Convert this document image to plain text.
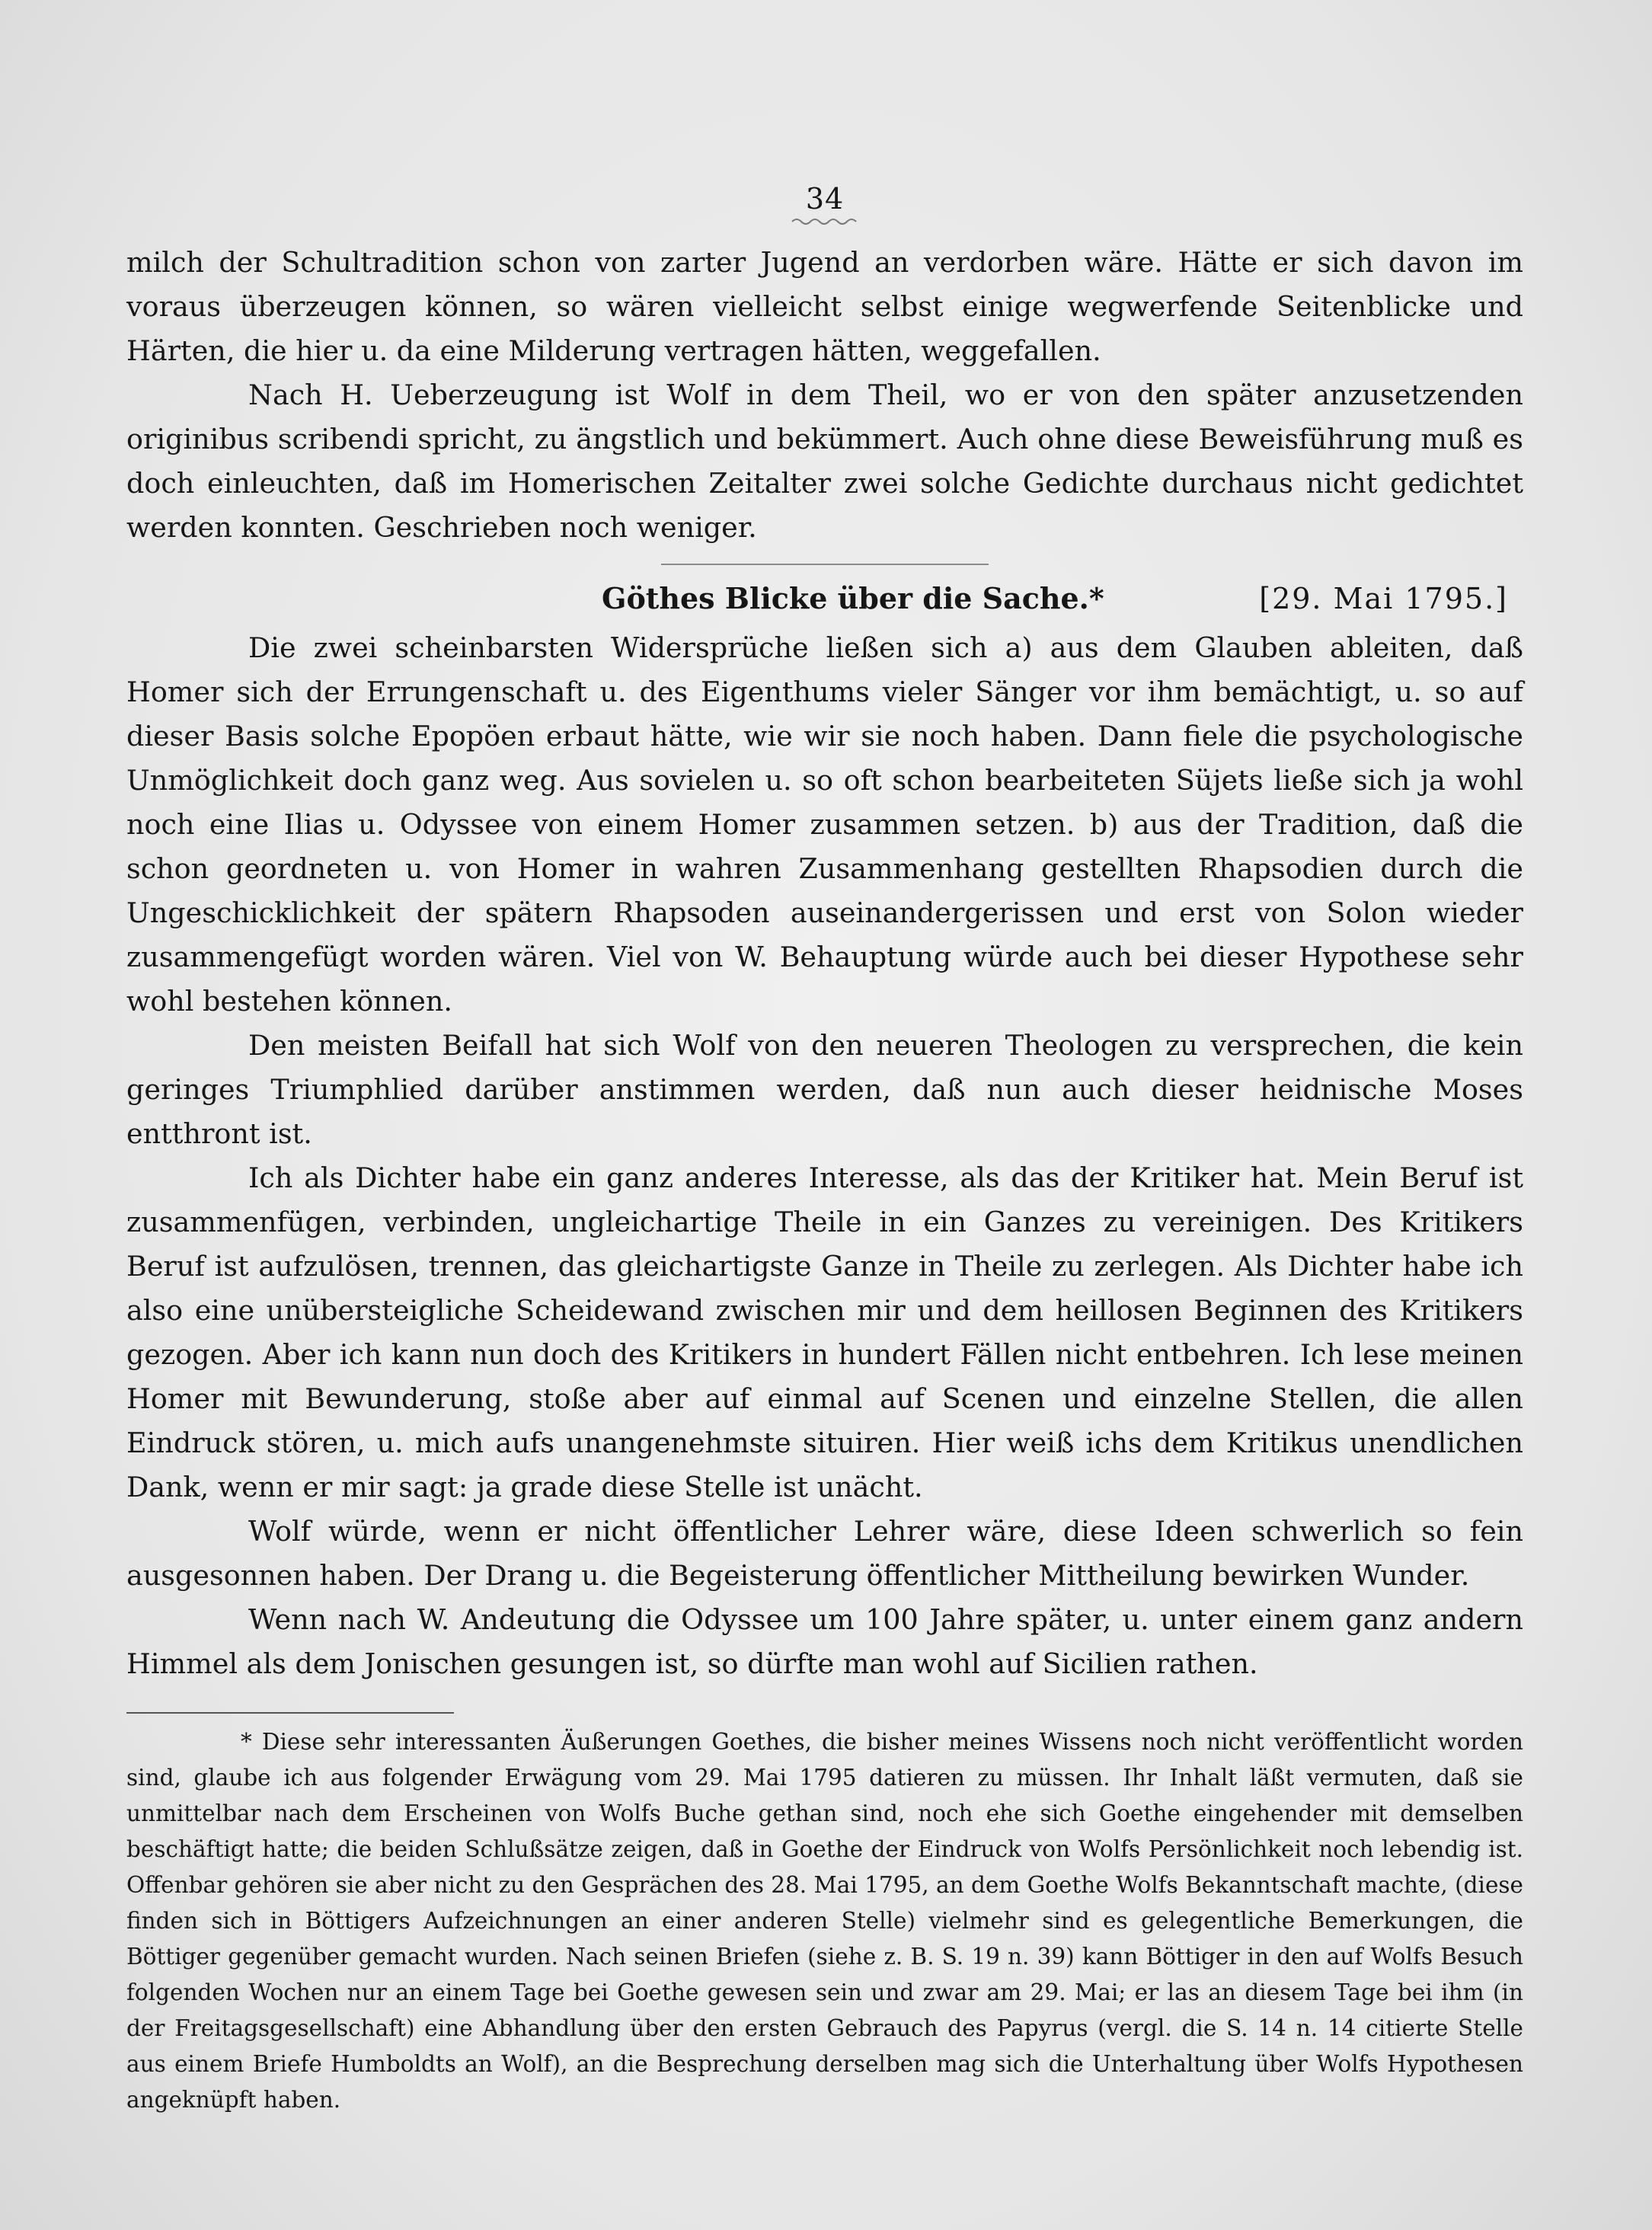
34

milch der Schultradition schon von zarter Jugend an verdorben wäre. Hätte er sich davon im voraus überzeugen können, so wären vielleicht selbst einige wegwerfende Seitenblicke und Härten, die hier u. da eine Milderung vertragen hätten, weggefallen.

Nach H. Ueberzeugung ist Wolf in dem Theil, wo er von den später anzusetzenden originibus scribendi spricht, zu ängstlich und bekümmert. Auch ohne diese Beweisführung muß es doch einleuchten, daß im Homerischen Zeitalter zwei solche Gedichte durchaus nicht gedichtet werden konnten. Geschrieben noch weniger.

Göthes Blicke über die Sache.*	[29. Mai 1795.]

Die zwei scheinbarsten Widersprüche ließen sich a) aus dem Glauben ableiten, daß Homer sich der Errungenschaft u. des Eigenthums vieler Sänger vor ihm bemächtigt, u. so auf dieser Basis solche Epopöen erbaut hätte, wie wir sie noch haben. Dann fiele die psychologische Unmöglichkeit doch ganz weg. Aus sovielen u. so oft schon bearbeiteten Süjets ließe sich ja wohl noch eine Ilias u. Odyssee von einem Homer zusammen setzen. b) aus der Tradition, daß die schon geordneten u. von Homer in wahren Zusammenhang gestellten Rhapsodien durch die Ungeschicklichkeit der spätern Rhapsoden auseinandergerissen und erst von Solon wieder zusammengefügt worden wären. Viel von W. Behauptung würde auch bei dieser Hypothese sehr wohl bestehen können.

Den meisten Beifall hat sich Wolf von den neueren Theologen zu versprechen, die kein geringes Triumphlied darüber anstimmen werden, daß nun auch dieser heidnische Moses entthront ist.

Ich als Dichter habe ein ganz anderes Interesse, als das der Kritiker hat. Mein Beruf ist zusammenfügen, verbinden, ungleichartige Theile in ein Ganzes zu vereinigen. Des Kritikers Beruf ist aufzulösen, trennen, das gleichartigste Ganze in Theile zu zerlegen. Als Dichter habe ich also eine unübersteigliche Scheidewand zwischen mir und dem heillosen Beginnen des Kritikers gezogen. Aber ich kann nun doch des Kritikers in hundert Fällen nicht entbehren. Ich lese meinen Homer mit Bewunderung, stoße aber auf einmal auf Scenen und einzelne Stellen, die allen Eindruck stören, u. mich aufs unangenehmste situiren. Hier weiß ichs dem Kritikus unendlichen Dank, wenn er mir sagt: ja grade diese Stelle ist unächt.

Wolf würde, wenn er nicht öffentlicher Lehrer wäre, diese Ideen schwerlich so fein ausgesonnen haben. Der Drang u. die Begeisterung öffentlicher Mittheilung bewirken Wunder.

Wenn nach W. Andeutung die Odyssee um 100 Jahre später, u. unter einem ganz andern Himmel als dem Jonischen gesungen ist, so dürfte man wohl auf Sicilien rathen.

* Diese sehr interessanten Äußerungen Goethes, die bisher meines Wissens noch nicht veröffentlicht worden sind, glaube ich aus folgender Erwägung vom 29. Mai 1795 datieren zu müssen. Ihr Inhalt läßt vermuten, daß sie unmittelbar nach dem Erscheinen von Wolfs Buche gethan sind, noch ehe sich Goethe eingehender mit demselben beschäftigt hatte; die beiden Schlußsätze zeigen, daß in Goethe der Eindruck von Wolfs Persönlichkeit noch lebendig ist. Offenbar gehören sie aber nicht zu den Gesprächen des 28. Mai 1795, an dem Goethe Wolfs Bekanntschaft machte, (diese finden sich in Böttigers Aufzeichnungen an einer anderen Stelle) vielmehr sind es gelegentliche Bemerkungen, die Böttiger gegenüber gemacht wurden. Nach seinen Briefen (siehe z. B. S. 19 n. 39) kann Böttiger in den auf Wolfs Besuch folgenden Wochen nur an einem Tage bei Goethe gewesen sein und zwar am 29. Mai; er las an diesem Tage bei ihm (in der Freitagsgesellschaft) eine Abhandlung über den ersten Gebrauch des Papyrus (vergl. die S. 14 n. 14 citierte Stelle aus einem Briefe Humboldts an Wolf), an die Besprechung derselben mag sich die Unterhaltung über Wolfs Hypothesen angeknüpft haben.
